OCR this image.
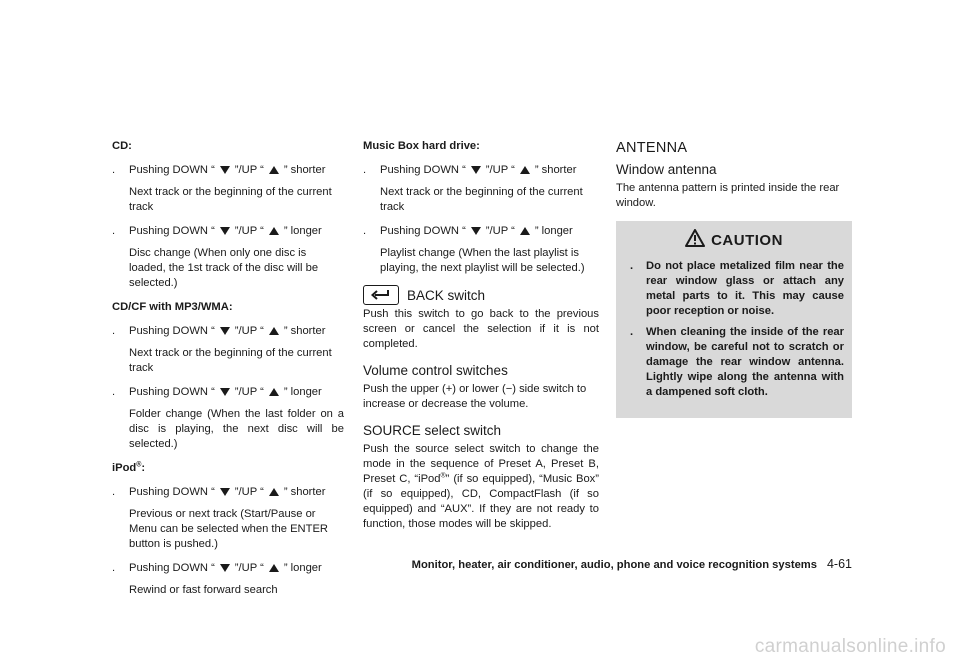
CD:
. Pushing DOWN “ ”/UP “ ” shorter
Next track or the beginning of the current track
. Pushing DOWN “ ”/UP “ ” longer
Disc change (When only one disc is loaded, the 1st track of the disc will be selected.)
CD/CF with MP3/WMA:
. Pushing DOWN “ ”/UP “ ” shorter
Next track or the beginning of the current track
. Pushing DOWN “ ”/UP “ ” longer
Folder change (When the last folder on a disc is playing, the next disc will be selected.)
iPod®:
. Pushing DOWN “ ”/UP “ ” shorter
Previous or next track (Start/Pause or Menu can be selected when the ENTER button is pushed.)
. Pushing DOWN “ ”/UP “ ” longer
Rewind or fast forward search
Music Box hard drive:
. Pushing DOWN “ ”/UP “ ” shorter
Next track or the beginning of the current track
. Pushing DOWN “ ”/UP “ ” longer
Playlist change (When the last playlist is playing, the next playlist will be selected.)
BACK switch
Push this switch to go back to the previous screen or cancel the selection if it is not completed.
Volume control switches
Push the upper (+) or lower (−) side switch to increase or decrease the volume.
SOURCE select switch
Push the source select switch to change the mode in the sequence of Preset A, Preset B, Preset C, “iPod®” (if so equipped), “Music Box” (if so equipped), CD, CompactFlash (if so equipped) and “AUX”. If they are not ready to function, those modes will be skipped.
ANTENNA
Window antenna
The antenna pattern is printed inside the rear window.
CAUTION
. Do not place metalized film near the rear window glass or attach any metal parts to it. This may cause poor reception or noise.
. When cleaning the inside of the rear window, be careful not to scratch or damage the rear window antenna. Lightly wipe along the antenna with a dampened soft cloth.
Monitor, heater, air conditioner, audio, phone and voice recognition systems 4-61
carmanualsonline.info
